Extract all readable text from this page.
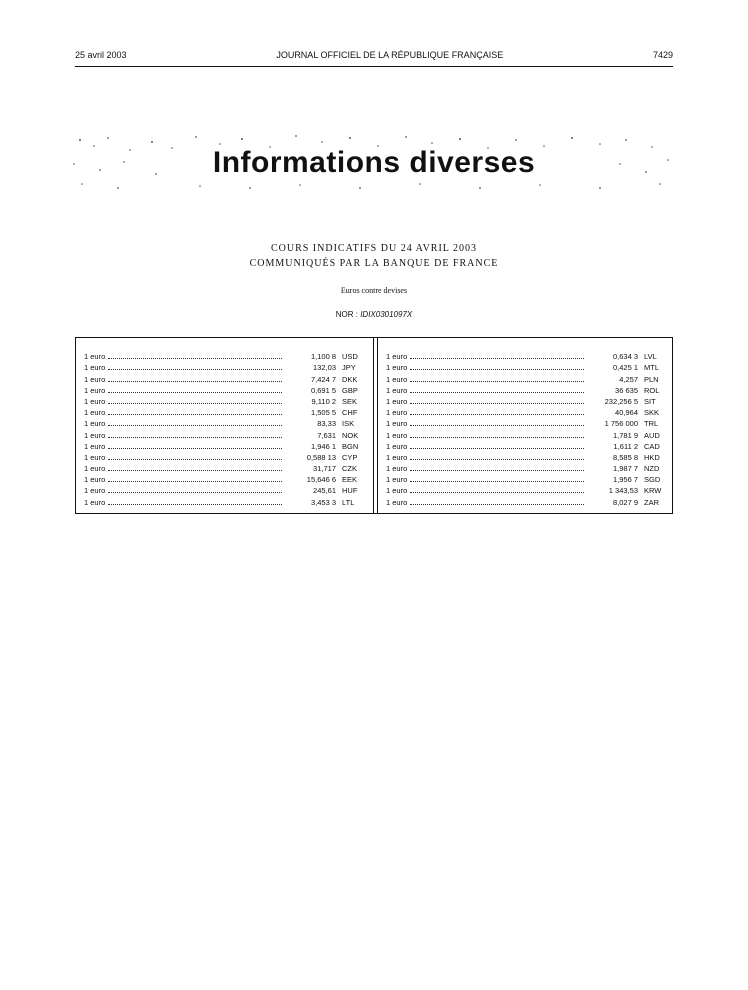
25 avril 2003	JOURNAL OFFICIEL DE LA RÉPUBLIQUE FRANÇAISE	7429
Informations diverses
COURS INDICATIFS DU 24 AVRIL 2003
COMMUNIQUÉS PAR LA BANQUE DE FRANCE
Euros contre devises
NOR : IDIX0301097X
1 euro	1,100 8 USD
1 euro	132,03 JPY
1 euro	7,424 7 DKK
1 euro	0,691 5 GBP
1 euro	9,110 2 SEK
1 euro	1,505 5 CHF
1 euro	83,33 ISK
1 euro	7,631 NOK
1 euro	1,946 1 BGN
1 euro	0,588 13 CYP
1 euro	31,717 CZK
1 euro	15,646 6 EEK
1 euro	245,61 HUF
1 euro	3,453 3 LTL
1 euro	0,634 3 LVL
1 euro	0,425 1 MTL
1 euro	4,257 PLN
1 euro	36 635 ROL
1 euro	232,256 5 SIT
1 euro	40,964 SKK
1 euro	1 756 000 TRL
1 euro	1,781 9 AUD
1 euro	1,611 2 CAD
1 euro	8,585 8 HKD
1 euro	1,987 7 NZD
1 euro	1,956 7 SGD
1 euro	1 343,53 KRW
1 euro	8,027 9 ZAR
